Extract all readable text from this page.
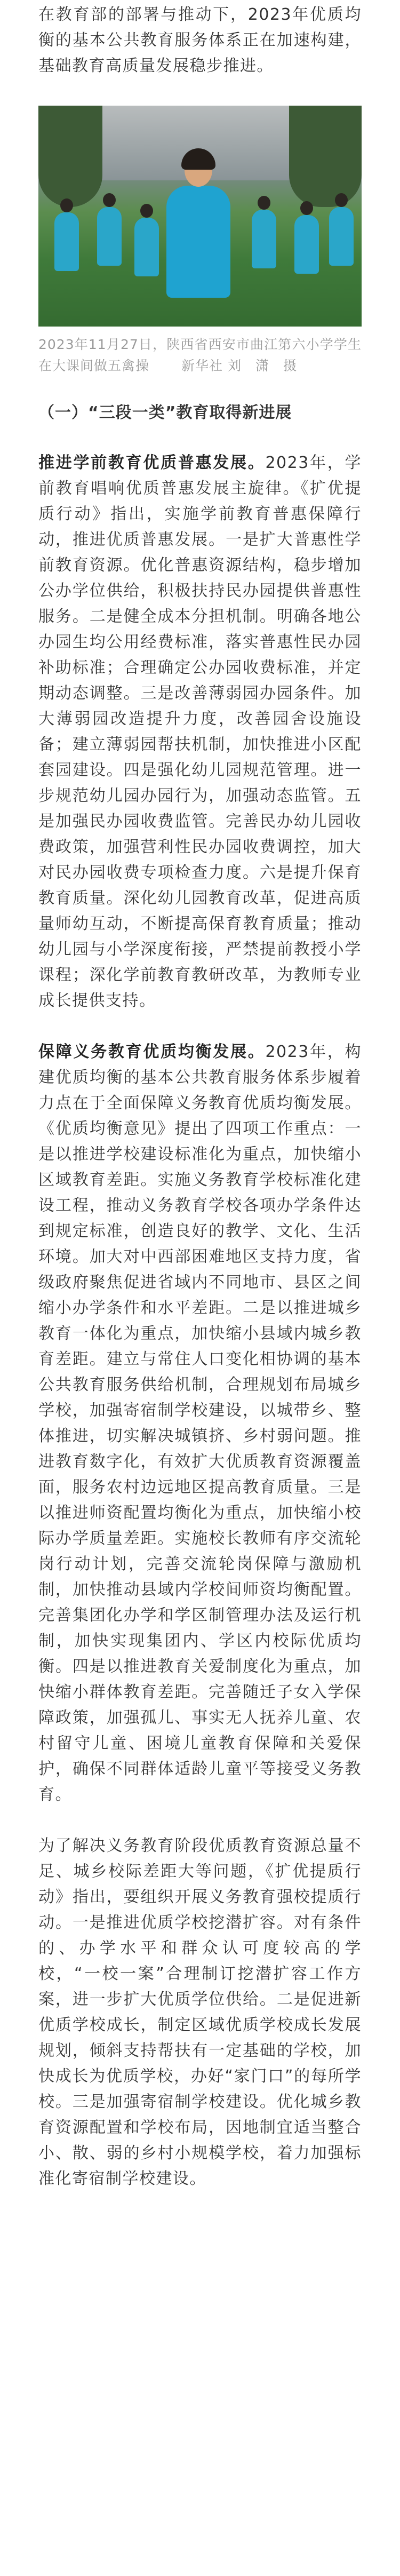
在教育部的部署与推动下，2023年优质均衡的基本公共教育服务体系正在加速构建，基础教育高质量发展稳步推进。

2023年11月27日，陕西省西安市曲江第六小学学生在大课间做五禽操 新华社 刘　潇　摄

（一）“三段一类”教育取得新进展

推进学前教育优质普惠发展。2023年，学前教育唱响优质普惠发展主旋律。《扩优提质行动》指出，实施学前教育普惠保障行动，推进优质普惠发展。一是扩大普惠性学前教育资源。优化普惠资源结构，稳步增加公办学位供给，积极扶持民办园提供普惠性服务。二是健全成本分担机制。明确各地公办园生均公用经费标准，落实普惠性民办园补助标准；合理确定公办园收费标准，并定期动态调整。三是改善薄弱园办园条件。加大薄弱园改造提升力度，改善园舍设施设备；建立薄弱园帮扶机制，加快推进小区配套园建设。四是强化幼儿园规范管理。进一步规范幼儿园办园行为，加强动态监管。五是加强民办园收费监管。完善民办幼儿园收费政策，加强营利性民办园收费调控，加大对民办园收费专项检查力度。六是提升保育教育质量。深化幼儿园教育改革，促进高质量师幼互动，不断提高保育教育质量；推动幼儿园与小学深度衔接，严禁提前教授小学课程；深化学前教育教研改革，为教师专业成长提供支持。

保障义务教育优质均衡发展。2023年，构建优质均衡的基本公共教育服务体系步履着力点在于全面保障义务教育优质均衡发展。《优质均衡意见》提出了四项工作重点：一是以推进学校建设标准化为重点，加快缩小区域教育差距。实施义务教育学校标准化建设工程，推动义务教育学校各项办学条件达到规定标准，创造良好的教学、文化、生活环境。加大对中西部困难地区支持力度，省级政府聚焦促进省域内不同地市、县区之间缩小办学条件和水平差距。二是以推进城乡教育一体化为重点，加快缩小县域内城乡教育差距。建立与常住人口变化相协调的基本公共教育服务供给机制，合理规划布局城乡学校，加强寄宿制学校建设，以城带乡、整体推进，切实解决城镇挤、乡村弱问题。推进教育数字化，有效扩大优质教育资源覆盖面，服务农村边远地区提高教育质量。三是以推进师资配置均衡化为重点，加快缩小校际办学质量差距。实施校长教师有序交流轮岗行动计划，完善交流轮岗保障与激励机制，加快推动县域内学校间师资均衡配置。完善集团化办学和学区制管理办法及运行机制，加快实现集团内、学区内校际优质均衡。四是以推进教育关爱制度化为重点，加快缩小群体教育差距。完善随迁子女入学保障政策，加强孤儿、事实无人抚养儿童、农村留守儿童、困境儿童教育保障和关爱保护，确保不同群体适龄儿童平等接受义务教育。

为了解决义务教育阶段优质教育资源总量不足、城乡校际差距大等问题，《扩优提质行动》指出，要组织开展义务教育强校提质行动。一是推进优质学校挖潜扩容。对有条件的、办学水平和群众认可度较高的学校，“一校一案”合理制订挖潜扩容工作方案，进一步扩大优质学位供给。二是促进新优质学校成长，制定区域优质学校成长发展规划，倾斜支持帮扶有一定基础的学校，加快成长为优质学校，办好“家门口”的每所学校。三是加强寄宿制学校建设。优化城乡教育资源配置和学校布局，因地制宜适当整合小、散、弱的乡村小规模学校，着力加强标准化寄宿制学校建设。
